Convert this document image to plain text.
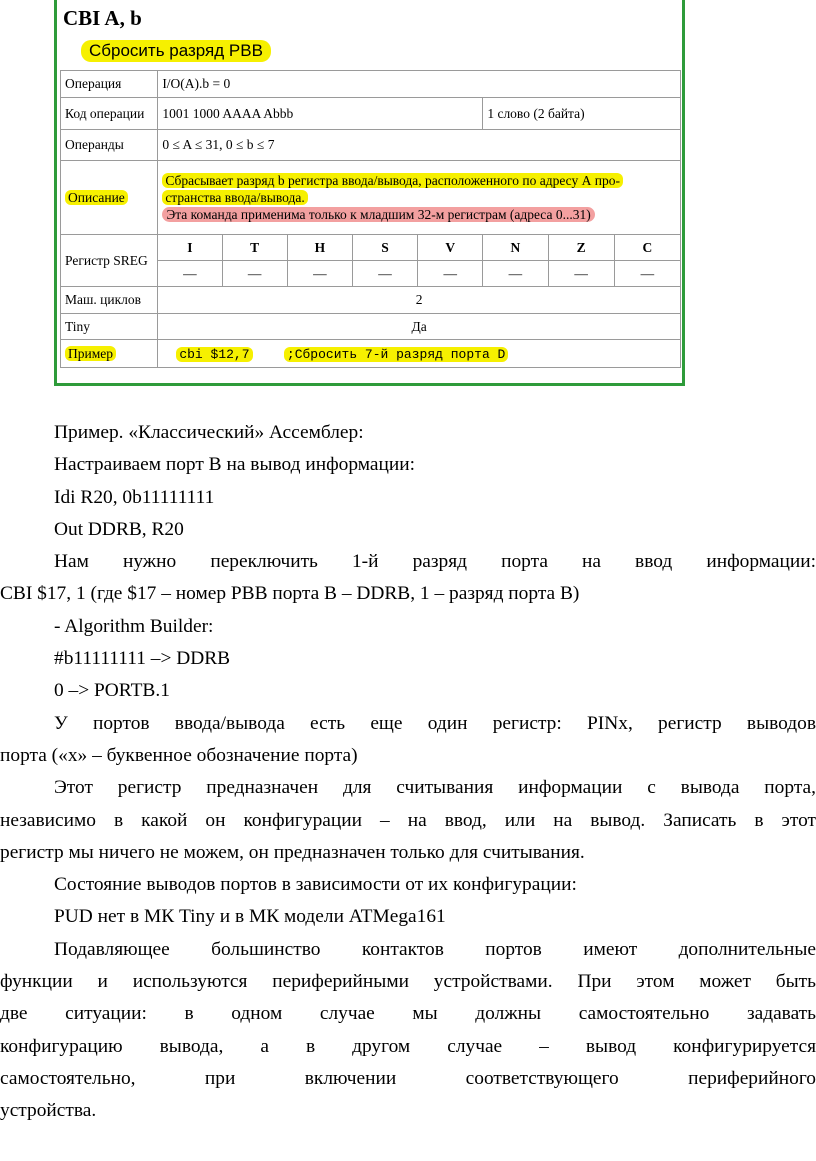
CBI A, b
Сбросить разряд РВВ
Операция	I/O(A).b = 0							
Код операции	1001 1000 AAAA Abbb					1 слово (2 байта)		
Операнды	0 ≤ A ≤ 31, 0 ≤ b ≤ 7							
Описание	Сбрасывает разряд b регистра ввода/вывода, расположенного по адресу А про-
странства ввода/вывода.
Эта команда применима только к младшим 32-м регистрам (адреса 0...31)							
Регистр SREG	I	T	H	S	V	N	Z	C
	—	—	—	—	—	—	—	—
Маш. циклов	2							
Tiny	Да							
Пример	cbi $12,7 ;Сбросить 7-й разряд порта D							

Пример. «Классический» Ассемблер:

Настраиваем порт B на вывод информации:

Idi R20, 0b11111111

Out DDRB, R20

Нам нужно переключить 1-й разряд порта на ввод информации:

CBI $17, 1 (где $17 – номер РВВ порта B – DDRB, 1 – разряд порта B)

- Algorithm Builder:

#b11111111 –> DDRB

0 –> PORTB.1

У портов ввода/вывода есть еще один регистр: PINx, регистр выводов

порта («x» – буквенное обозначение порта)

Этот регистр предназначен для считывания информации с вывода порта,

независимо в какой он конфигурации – на ввод, или на вывод. Записать в этот

регистр мы ничего не можем, он предназначен только для считывания.

Состояние выводов портов в зависимости от их конфигурации:

PUD нет в МК Tiny и в МК модели ATMega161

Подавляющее большинство контактов портов имеют дополнительные

функции и используются периферийными устройствами. При этом может быть

две ситуации: в одном случае мы должны самостоятельно задавать

конфигурацию вывода, а в другом случае – вывод конфигурируется

самостоятельно, при включении соответствующего периферийного

устройства.
